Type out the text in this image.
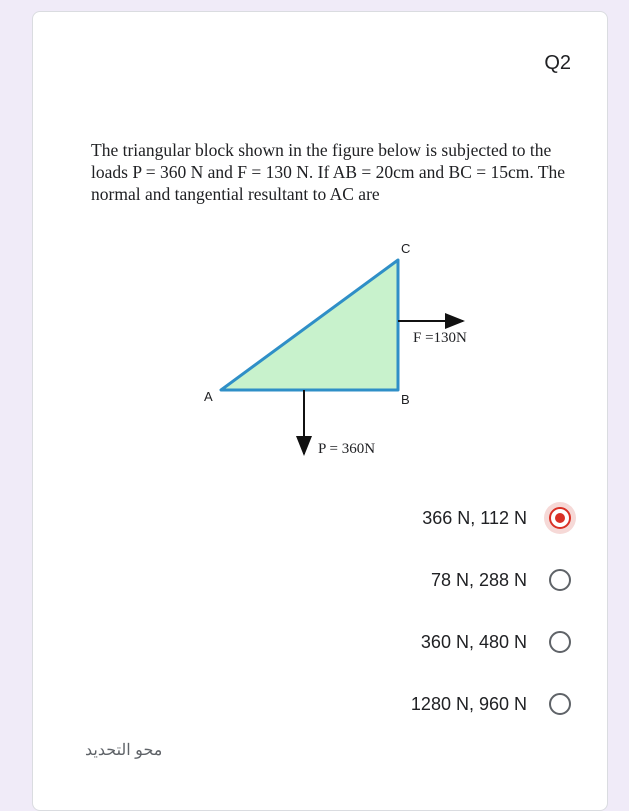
Q2
The triangular block shown in the figure below is subjected to the loads P = 360 N and F = 130 N. If AB = 20cm and BC = 15cm. The normal and tangential resultant to AC are
A	B
C
F =130N
P = 360N
366 N, 112 N
78 N, 288 N
360 N, 480 N
1280 N, 960 N
محو التحديد
